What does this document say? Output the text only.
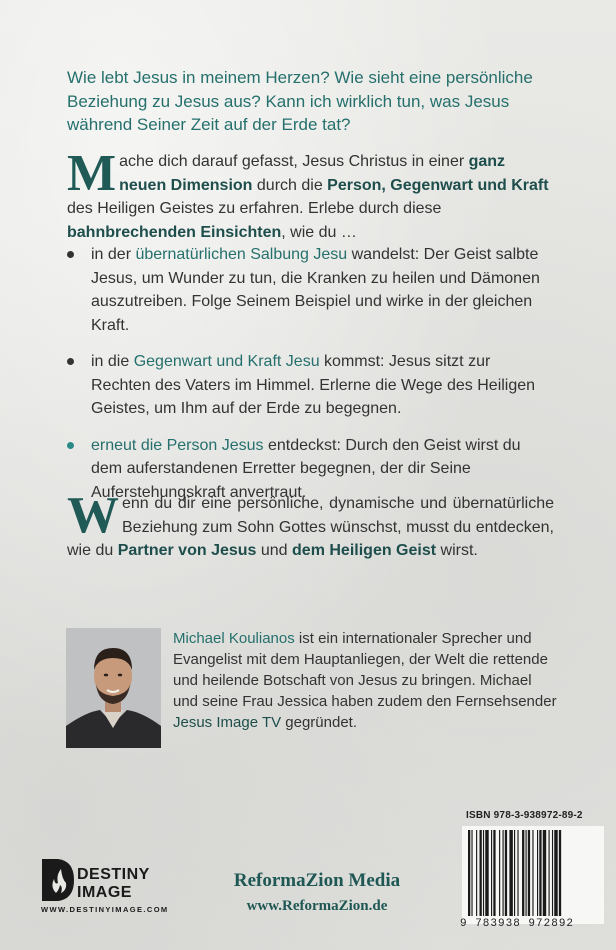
Wie lebt Jesus in meinem Herzen? Wie sieht eine persönliche Beziehung zu Jesus aus? Kann ich wirklich tun, was Jesus während Seiner Zeit auf der Erde tat?
Mache dich darauf gefasst, Jesus Christus in einer ganz neuen Dimension durch die Person, Gegenwart und Kraft des Heiligen Geistes zu erfahren. Erlebe durch diese bahnbrechenden Einsichten, wie du …
in der übernatürlichen Salbung Jesu wandelst: Der Geist salbte Jesus, um Wunder zu tun, die Kranken zu heilen und Dämonen auszutreiben. Folge Seinem Beispiel und wirke in der gleichen Kraft.
in die Gegenwart und Kraft Jesu kommst: Jesus sitzt zur Rechten des Vaters im Himmel. Erlerne die Wege des Heiligen Geistes, um Ihm auf der Erde zu begegnen.
erneut die Person Jesus entdeckst: Durch den Geist wirst du dem auferstandenen Erretter begegnen, der dir Seine Auferstehungskraft anvertraut.
Wenn du dir eine persönliche, dynamische und übernatürliche Beziehung zum Sohn Gottes wünschst, musst du entdecken, wie du Partner von Jesus und dem Heiligen Geist wirst.
Michael Koulianos ist ein internationaler Sprecher und Evangelist mit dem Hauptanliegen, der Welt die rettende und heilende Botschaft von Jesus zu bringen. Michael und seine Frau Jessica haben zudem den Fernsehsender Jesus Image TV gegründet.
ISBN 978-3-938972-89-2
9 783938 972892
DESTINY
IMAGE
WWW.DESTINYIMAGE.COM
ReformaZion Media
www.ReformaZion.de
